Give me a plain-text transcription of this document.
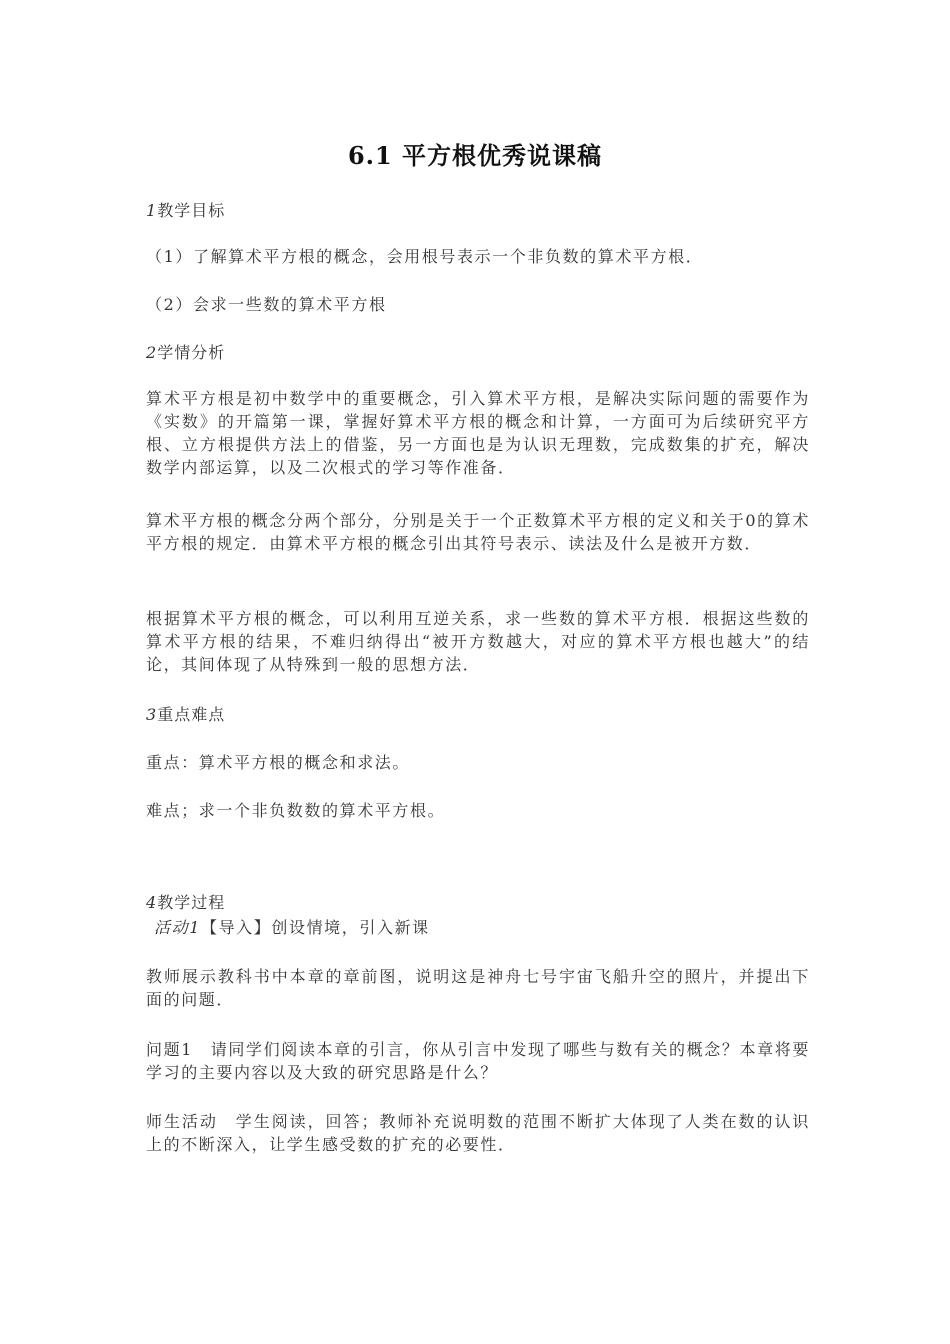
6.1 平方根优秀说课稿
1教学目标
（1）了解算术平方根的概念，会用根号表示一个非负数的算术平方根．
（2）会求一些数的算术平方根
2学情分析
算术平方根是初中数学中的重要概念，引入算术平方根，是解决实际问题的需要作为《实数》的开篇第一课，掌握好算术平方根的概念和计算，一方面可为后续研究平方根、立方根提供方法上的借鉴，另一方面也是为认识无理数，完成数集的扩充，解决数学内部运算，以及二次根式的学习等作准备．
算术平方根的概念分两个部分，分别是关于一个正数算术平方根的定义和关于0的算术平方根的规定．由算术平方根的概念引出其符号表示、读法及什么是被开方数．
根据算术平方根的概念，可以利用互逆关系，求一些数的算术平方根．根据这些数的算术平方根的结果，不难归纳得出“被开方数越大，对应的算术平方根也越大”的结论，其间体现了从特殊到一般的思想方法．
3重点难点
重点：算术平方根的概念和求法。
难点；求一个非负数数的算术平方根。
4教学过程
活动1【导入】创设情境，引入新课
教师展示教科书中本章的章前图，说明这是神舟七号宇宙飞船升空的照片，并提出下面的问题．
问题1　请同学们阅读本章的引言，你从引言中发现了哪些与数有关的概念？本章将要学习的主要内容以及大致的研究思路是什么？
师生活动　学生阅读，回答；教师补充说明数的范围不断扩大体现了人类在数的认识上的不断深入，让学生感受数的扩充的必要性．
